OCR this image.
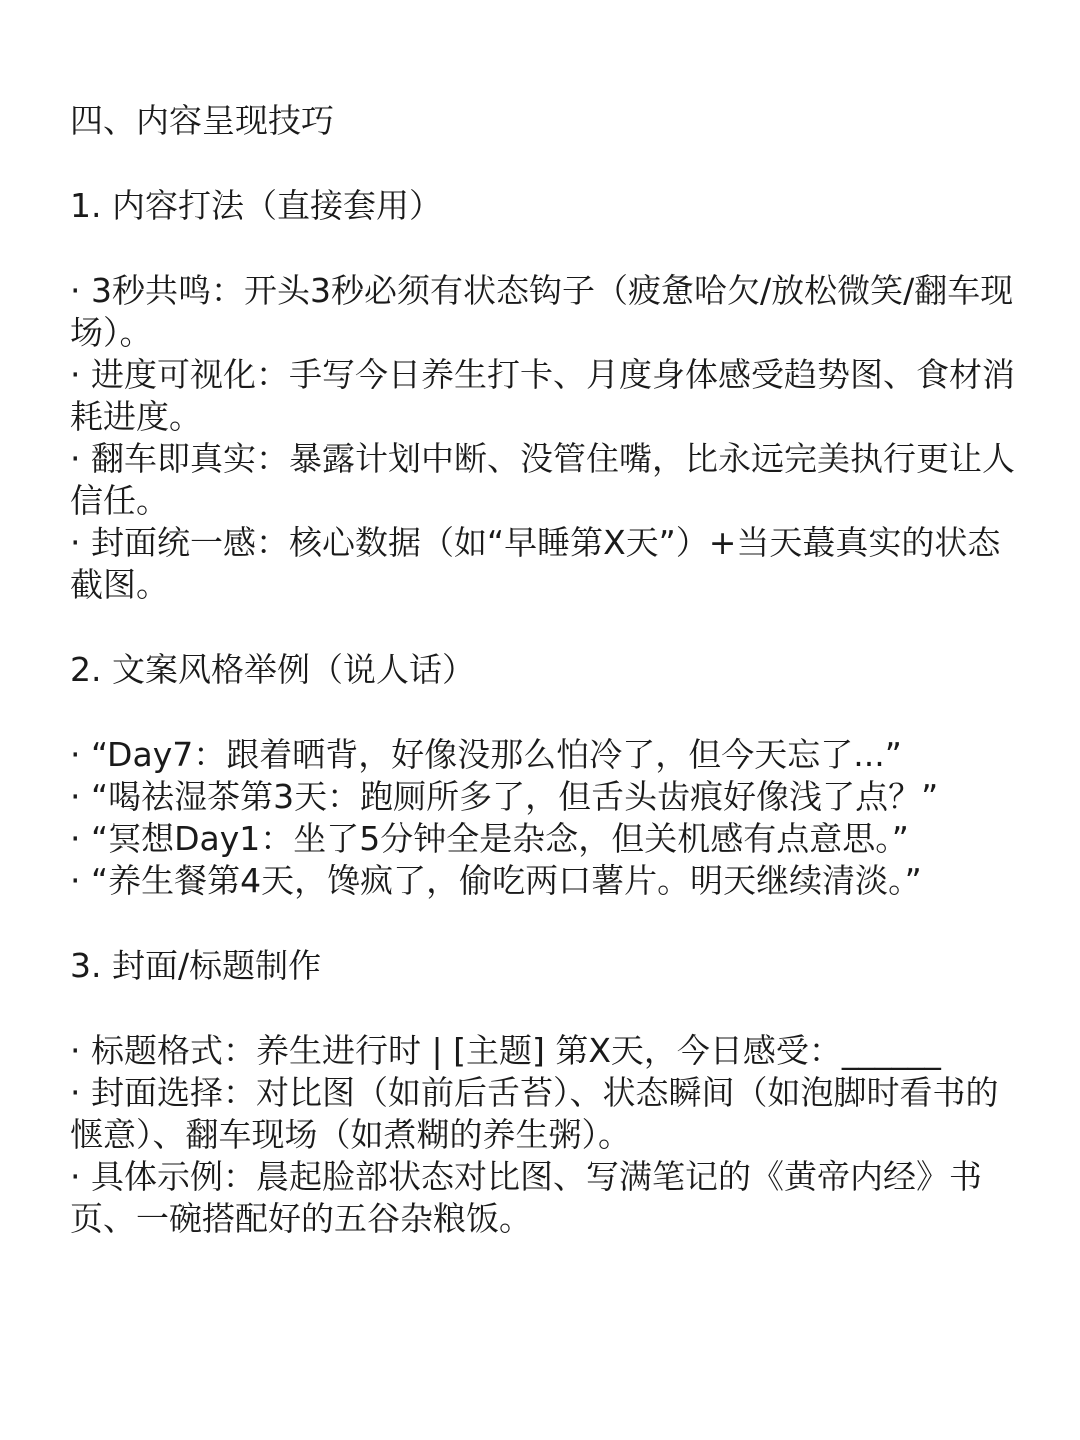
四、内容呈现技巧
1. 内容打法（直接套用）
· 3秒共鸣：开头3秒必须有状态钩子（疲惫哈欠/放松微笑/翻车现场）。
· 进度可视化：手写今日养生打卡、月度身体感受趋势图、食材消耗进度。
· 翻车即真实：暴露计划中断、没管住嘴，比永远完美执行更让人信任。
· 封面统一感：核心数据（如“早睡第X天”）+当天蕞真实的状态截图。
2. 文案风格举例（说人话）
· “Day7：跟着晒背，好像没那么怕冷了，但今天忘了...”
· “喝祛湿茶第3天：跑厕所多了，但舌头齿痕好像浅了点？”
· “冥想Day1：坐了5分钟全是杂念，但关机感有点意思。”
· “养生餐第4天，馋疯了，偷吃两口薯片。明天继续清淡。”
3. 封面/标题制作
· 标题格式：养生进行时 | [主题] 第X天，今日感受：______
· 封面选择：对比图（如前后舌苔）、状态瞬间（如泡脚时看书的惬意）、翻车现场（如煮糊的养生粥）。
· 具体示例：晨起脸部状态对比图、写满笔记的《黄帝内经》书页、一碗搭配好的五谷杂粮饭。
